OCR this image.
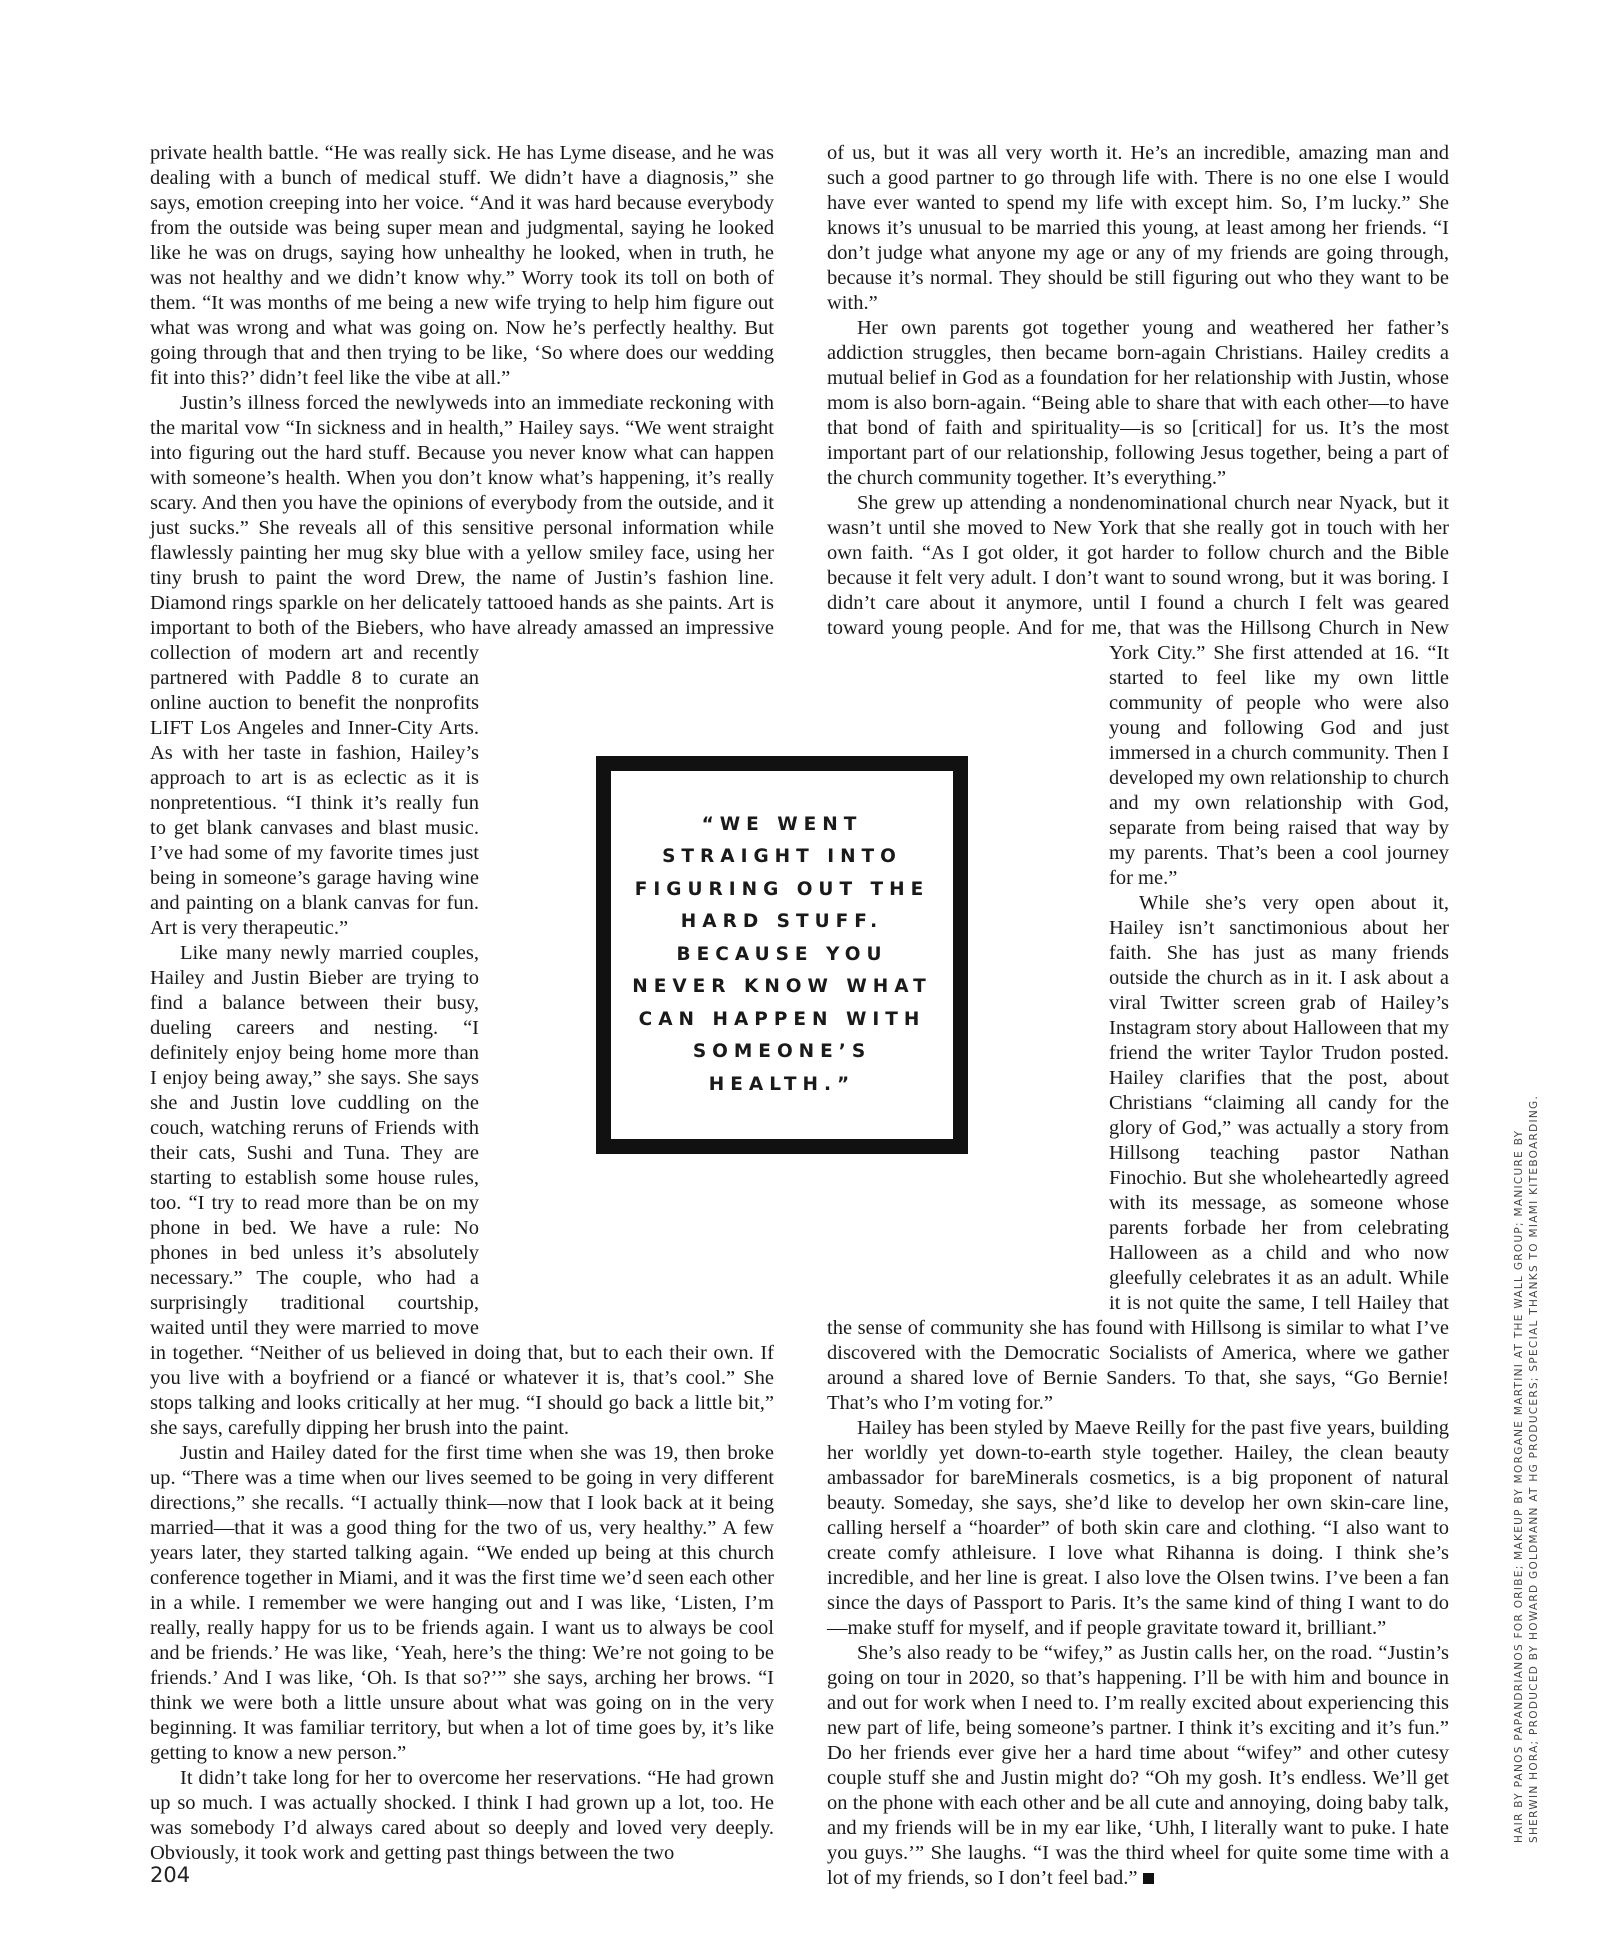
private health battle. “He was really sick. He has Lyme disease, and he was dealing with a bunch of medical stuff. We didn’t have a diagnosis,” she says, emotion creeping into her voice. “And it was hard because everybody from the outside was being super mean and judgmental, saying he looked like he was on drugs, saying how unhealthy he looked, when in truth, he was not healthy and we didn’t know why.” Worry took its toll on both of them. “It was months of me being a new wife trying to help him figure out what was wrong and what was going on. Now he’s perfectly healthy. But going through that and then trying to be like, ‘So where does our wedding fit into this?’ didn’t feel like the vibe at all.”

Justin’s illness forced the newlyweds into an immediate reckoning with the marital vow “In sickness and in health,” Hailey says. “We went straight into figuring out the hard stuff. Because you never know what can happen with someone’s health. When you don’t know what’s happening, it’s really scary. And then you have the opinions of everybody from the outside, and it just sucks.” She reveals all of this sensitive personal information while flawlessly painting her mug sky blue with a yellow smiley face, using her tiny brush to paint the word Drew, the name of Justin’s fashion line. Diamond rings sparkle on her delicately tattooed hands as she paints. Art is important to both of the Biebers, who have already amassed an impressive collection of modern art and recently partnered with Paddle 8 to curate an online auction to benefit the nonprofits LIFT Los Angeles and Inner-City Arts. As with her taste in fashion, Hailey’s approach to art is as eclectic as it is nonpretentious. “I think it’s really fun to get blank canvases and blast music. I’ve had some of my favorite times just being in someone’s garage having wine and painting on a blank canvas for fun. Art is very therapeutic.”

Like many newly married couples, Hailey and Justin Bieber are trying to find a balance between their busy, dueling careers and nesting. “I definitely enjoy being home more than I enjoy being away,” she says. She says she and Justin love cuddling on the couch, watching reruns of Friends with their cats, Sushi and Tuna. They are starting to establish some house rules, too. “I try to read more than be on my phone in bed. We have a rule: No phones in bed unless it’s absolutely necessary.” The couple, who had a surprisingly traditional courtship, waited until they were married to move in together. “Neither of us believed in doing that, but to each their own. If you live with a boyfriend or a fiancé or whatever it is, that’s cool.” She stops talking and looks critically at her mug. “I should go back a little bit,” she says, carefully dipping her brush into the paint.

Justin and Hailey dated for the first time when she was 19, then broke up. “There was a time when our lives seemed to be going in very different directions,” she recalls. “I actually think—now that I look back at it being married—that it was a good thing for the two of us, very healthy.” A few years later, they started talking again. “We ended up being at this church conference together in Miami, and it was the first time we’d seen each other in a while. I remember we were hanging out and I was like, ‘Listen, I’m really, really happy for us to be friends again. I want us to always be cool and be friends.’ He was like, ‘Yeah, here’s the thing: We’re not going to be friends.’ And I was like, ‘Oh. Is that so?’” she says, arching her brows. “I think we were both a little unsure about what was going on in the very beginning. It was familiar territory, but when a lot of time goes by, it’s like getting to know a new person.”

It didn’t take long for her to overcome her reservations. “He had grown up so much. I was actually shocked. I think I had grown up a lot, too. He was somebody I’d always cared about so deeply and loved very deeply. Obviously, it took work and getting past things between the two

of us, but it was all very worth it. He’s an incredible, amazing man and such a good partner to go through life with. There is no one else I would have ever wanted to spend my life with except him. So, I’m lucky.” She knows it’s unusual to be married this young, at least among her friends. “I don’t judge what anyone my age or any of my friends are going through, because it’s normal. They should be still figuring out who they want to be with.”

Her own parents got together young and weathered her father’s addiction struggles, then became born-again Christians. Hailey credits a mutual belief in God as a foundation for her relationship with Justin, whose mom is also born-again. “Being able to share that with each other—to have that bond of faith and spirituality—is so [critical] for us. It’s the most important part of our relationship, following Jesus together, being a part of the church community together. It’s everything.”

She grew up attending a nondenominational church near Nyack, but it wasn’t until she moved to New York that she really got in touch with her own faith. “As I got older, it got harder to follow church and the Bible because it felt very adult. I don’t want to sound wrong, but it was boring. I didn’t care about it anymore, until I found a church I felt was geared toward young people. And for me, that was the Hillsong Church in New York City.” She first attended at 16. “It started to feel like my own little community of people who were also young and following God and just immersed in a church community. Then I developed my own relationship to church and my own relationship with God, separate from being raised that way by my parents. That’s been a cool journey for me.”

While she’s very open about it, Hailey isn’t sanctimonious about her faith. She has just as many friends outside the church as in it. I ask about a viral Twitter screen grab of Hailey’s Instagram story about Halloween that my friend the writer Taylor Trudon posted. Hailey clarifies that the post, about Christians “claiming all candy for the glory of God,” was actually a story from Hillsong teaching pastor Nathan Finochio. But she wholeheartedly agreed with its message, as someone whose parents forbade her from celebrating Halloween as a child and who now gleefully celebrates it as an adult. While it is not quite the same, I tell Hailey that the sense of community she has found with Hillsong is similar to what I’ve discovered with the Democratic Socialists of America, where we gather around a shared love of Bernie Sanders. To that, she says, “Go Bernie! That’s who I’m voting for.”

Hailey has been styled by Maeve Reilly for the past five years, building her worldly yet down-to-earth style together. Hailey, the clean beauty ambassador for bareMinerals cosmetics, is a big proponent of natural beauty. Someday, she says, she’d like to develop her own skin-care line, calling herself a “hoarder” of both skin care and clothing. “I also want to create comfy athleisure. I love what Rihanna is doing. I think she’s incredible, and her line is great. I also love the Olsen twins. I’ve been a fan since the days of Passport to Paris. It’s the same kind of thing I want to do—make stuff for myself, and if people gravitate toward it, brilliant.”

She’s also ready to be “wifey,” as Justin calls her, on the road. “Justin’s going on tour in 2020, so that’s happening. I’ll be with him and bounce in and out for work when I need to. I’m really excited about experiencing this new part of life, being someone’s partner. I think it’s exciting and it’s fun.” Do her friends ever give her a hard time about “wifey” and other cutesy couple stuff she and Justin might do? “Oh my gosh. It’s endless. We’ll get on the phone with each other and be all cute and annoying, doing baby talk, and my friends will be in my ear like, ‘Uhh, I literally want to puke. I hate you guys.’” She laughs. “I was the third wheel for quite some time with a lot of my friends, so I don’t feel bad.”

“WE WENT STRAIGHT INTO FIGURING OUT THE HARD STUFF. BECAUSE YOU NEVER KNOW WHAT CAN HAPPEN WITH SOMEONE’S HEALTH.”
204
HAIR BY PANOS PAPANDRIANOS FOR ORIBE; MAKEUP BY MORGANE MARTINI AT THE WALL GROUP; MANICURE BY SHERWIN HORA; PRODUCED BY HOWARD GOLDMANN AT HG PRODUCERS; SPECIAL THANKS TO MIAMI KITEBOARDING.
